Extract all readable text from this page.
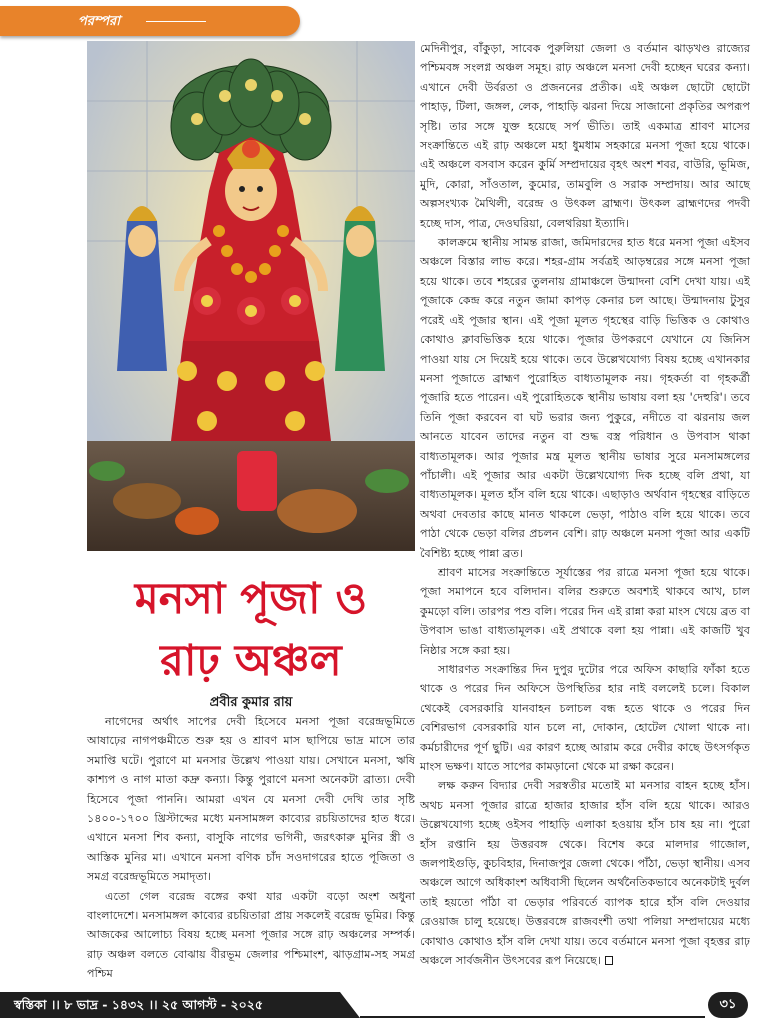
পরম্পরা
মনসা পূজা ও
রাঢ় অঞ্চল
প্রবীর কুমার রায়

নাগেদের অর্থাৎ সাপের দেবী হিসেবে মনসা পূজা বরেন্দ্রভূমিতে আষাঢ়ের নাগপঞ্চমীতে শুরু হয় ও শ্রাবণ মাস ছাপিয়ে ভাদ্র মাসে তার সমাপ্তি ঘটে। পুরাণে মা মনসার উল্লেখ পাওয়া যায়। সেখানে মনসা, ঋষি কাশ্যপ ও নাগ মাতা কদ্রু কন্যা। কিন্তু পুরাণে মনসা অনেকটা ব্রাত্য। দেবী হিসেবে পূজা পাননি। আমরা এখন যে মনসা দেবী দেখি তার সৃষ্টি ১৪০০-১৭০০ খ্রিস্টাব্দের মধ্যে মনসামঙ্গল কাব্যের রচয়িতাদের হাত ধরে। এখানে মনসা শিব কন্যা, বাসুকি নাগের ভগিনী, জরৎকারু মুনির স্ত্রী ও আস্তিক মুনির মা। এখানে মনসা বণিক চাঁদ সওদাগরের হাতে পূজিতা ও সমগ্র বরেন্দ্রভূমিতে সমাদৃতা।

এতো গেল বরেন্দ্র বঙ্গের কথা যার একটা বড়ো অংশ অধুনা বাংলাদেশে। মনসামঙ্গল কাব্যের রচয়িতারা প্রায় সকলেই বরেন্দ্র ভূমির। কিন্তু আজকের আলোচ্য বিষয় হচ্ছে মনসা পূজার সঙ্গে রাঢ় অঞ্চলের সম্পর্ক। রাঢ় অঞ্চল বলতে বোঝায় বীরভূম জেলার পশ্চিমাংশ, ঝাড়গ্রাম-সহ সমগ্র পশ্চিম

মেদিনীপুর, বাঁকুড়া, সাবেক পুরুলিয়া জেলা ও বর্তমান ঝাড়খণ্ড রাজ্যের পশ্চিমবঙ্গ সংলগ্ন অঞ্চল সমূহ। রাঢ় অঞ্চলে মনসা দেবী হচ্ছেন ঘরের কন্যা। এখানে দেবী উর্বরতা ও প্রজননের প্রতীক। এই অঞ্চল ছোটো ছোটো পাহাড়, টিলা, জঙ্গল, লেক, পাহাড়ি ঝরনা দিয়ে সাজানো প্রকৃতির অপরূপ সৃষ্টি। তার সঙ্গে যুক্ত হয়েছে সর্প ভীতি। তাই একমাত্র শ্রাবণ মাসের সংক্রান্তিতে এই রাঢ় অঞ্চলে মহা ধুমধাম সহকারে মনসা পূজা হয়ে থাকে। এই অঞ্চলে বসবাস করেন কুর্মি সম্প্রদায়ের বৃহৎ অংশ শবর, বাউরি, ভূমিজ, মুদি, কোরা, সাঁওতাল, কুমোর, তামবুলি ও সরাক সম্প্রদায়। আর আছে অল্পসংখ্যক মৈথিলী, বরেন্দ্র ও উৎকল ব্রাহ্মণ। উৎকল ব্রাহ্মণদের পদবী হচ্ছে দাস, পাত্র, দেওঘরিয়া, বেলথরিয়া ইত্যাদি।

কালক্রমে স্থানীয় সামন্ত রাজা, জমিদারদের হাত ধরে মনসা পূজা এইসব অঞ্চলে বিস্তার লাভ করে। শহর-গ্রাম সর্বত্রই আড়ম্বরের সঙ্গে মনসা পূজা হয়ে থাকে। তবে শহরের তুলনায় গ্রামাঞ্চলে উন্মাদনা বেশি দেখা যায়। এই পূজাকে কেন্দ্র করে নতুন জামা কাপড় কেনার চল আছে। উন্মাদনায় টুসুর পরেই এই পূজার স্থান। এই পূজা মূলত গৃহস্থের বাড়ি ভিত্তিক ও কোথাও কোথাও ক্লাবভিত্তিক হয়ে থাকে। পূজার উপকরণে যেখানে যে জিনিস পাওয়া যায় সে দিয়েই হয়ে থাকে। তবে উল্লেখযোগ্য বিষয় হচ্ছে এখানকার মনসা পূজাতে ব্রাহ্মণ পুরোহিত বাধ্যতামূলক নয়। গৃহকর্তা বা গৃহকর্ত্রী পূজারি হতে পারেন। এই পুরোহিতকে স্থানীয় ভাষায় বলা হয় 'দেহুরি'। তবে তিনি পূজা করবেন বা ঘট ভরার জন্য পুকুরে, নদীতে বা ঝরনায় জল আনতে যাবেন তাদের নতুন বা শুদ্ধ বস্ত্র পরিধান ও উপবাস থাকা বাধ্যতামূলক। আর পূজার মন্ত্র মূলত স্থানীয় ভাষার সুরে মনসামঙ্গলের পাঁচালী। এই পূজার আর একটা উল্লেখযোগ্য দিক হচ্ছে বলি প্রথা, যা বাধ্যতামূলক। মূলত হাঁস বলি হয়ে থাকে। এছাড়াও অর্থবান গৃহস্থের বাড়িতে অথবা দেবতার কাছে মানত থাকলে ভেড়া, পাঠাও বলি হয়ে থাকে। তবে পাঠা থেকে ভেড়া বলির প্রচলন বেশি। রাঢ় অঞ্চলে মনসা পূজা আর একটি বৈশিষ্ট্য হচ্ছে পান্না ব্রত।

শ্রাবণ মাসের সংক্রান্তিতে সূর্যাস্তের পর রাত্রে মনসা পূজা হয়ে থাকে। পূজা সমাপনে হবে বলিদান। বলির শুরুতে অবশ্যই থাকবে আখ, চাল কুমড়ো বলি। তারপর পশু বলি। পরের দিন এই রান্না করা মাংস খেয়ে ব্রত বা উপবাস ভাঙা বাধ্যতামূলক। এই প্রথাকে বলা হয় পান্না। এই কাজটি খুব নিষ্ঠার সঙ্গে করা হয়।

সাধারণত সংক্রান্তির দিন দুপুর দুটোর পরে অফিস কাছারি ফাঁকা হতে থাকে ও পরের দিন অফিসে উপস্থিতির হার নাই বললেই চলে। বিকাল থেকেই বেসরকারি যানবাহন চলাচল বন্ধ হতে থাকে ও পরের দিন বেশিরভাগ বেসরকারি যান চলে না, দোকান, হোটেল খোলা থাকে না। কর্মচারীদের পূর্ণ ছুটি। এর কারণ হচ্ছে আরাম করে দেবীর কাছে উৎসর্গকৃত মাংস ভক্ষণ। যাতে সাপের কামড়ানো থেকে মা রক্ষা করেন।

লক্ষ করুন বিদ্যার দেবী সরস্বতীর মতোই মা মনসার বাহন হচ্ছে হাঁস। অথচ মনসা পূজার রাত্রে হাজার হাজার হাঁস বলি হয়ে থাকে। আরও উল্লেখযোগ্য হচ্ছে ওইসব পাহাড়ি এলাকা হওয়ায় হাঁস চাষ হয় না। পুরো হাঁস রপ্তানি হয় উত্তরবঙ্গ থেকে। বিশেষ করে মালদার গাজোল, জলপাইগুড়ি, কুচবিহার, দিনাজপুর জেলা থেকে। পাঁঠা, ভেড়া স্থানীয়। এসব অঞ্চলে আগে অধিকাংশ অধিবাসী ছিলেন অর্থনৈতিকভাবে অনেকটাই দুর্বল তাই হয়তো পাঁঠা বা ভেড়ার পরিবর্তে ব্যাপক হারে হাঁস বলি দেওয়ার রেওয়াজ চালু হয়েছে। উত্তরবঙ্গে রাজবংশী তথা পলিয়া সম্প্রদায়ের মধ্যে কোথাও কোথাও হাঁস বলি দেখা যায়। তবে বর্তমানে মনসা পূজা বৃহত্তর রাঢ় অঞ্চলে সার্বজনীন উৎসবের রূপ নিয়েছে।

স্বস্তিকা ।। ৮ ভাদ্র - ১৪৩২ ।। ২৫ আগস্ট - ২০২৫	৩১
